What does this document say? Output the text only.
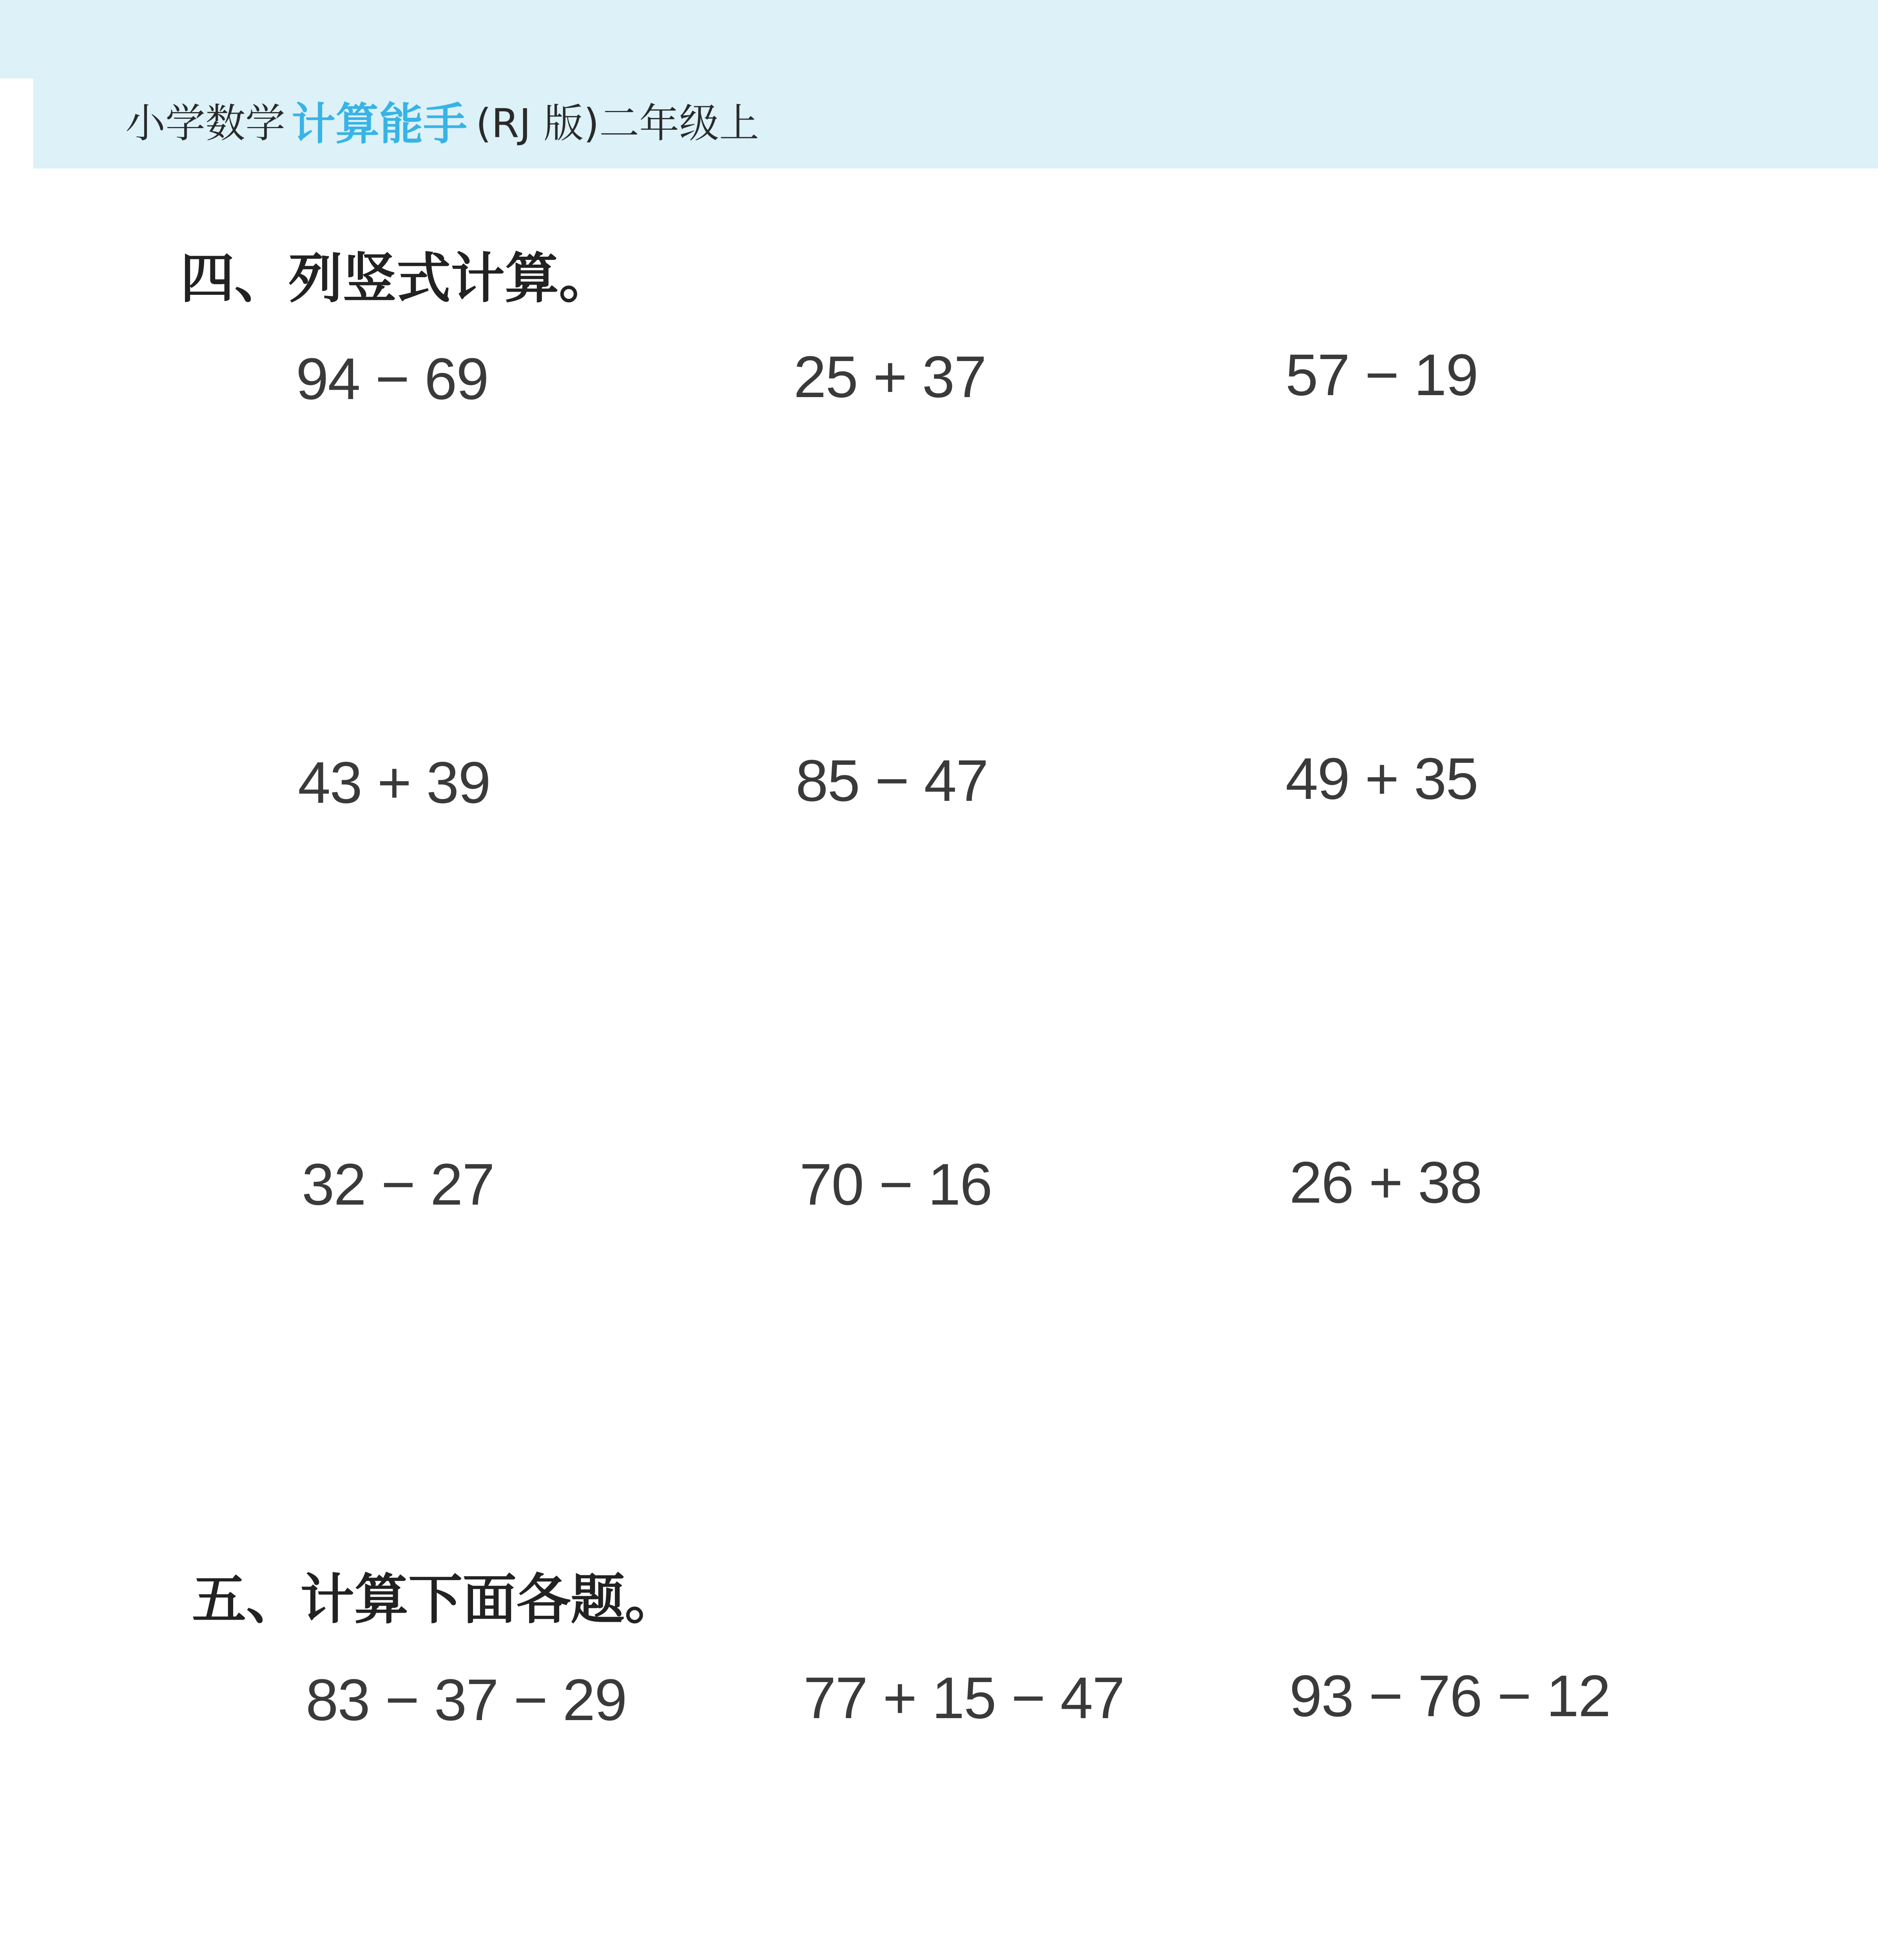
小学数学 计算能手 (RJ 版)二年级上
四、列竖式计算。
94 − 69	25 + 37	57 − 19
43 + 39	85 − 47	49 + 35
32 − 27	70 − 16	26 + 38
五、计算下面各题。
83 − 37 − 29	77 + 15 − 47	93 − 76 − 12
